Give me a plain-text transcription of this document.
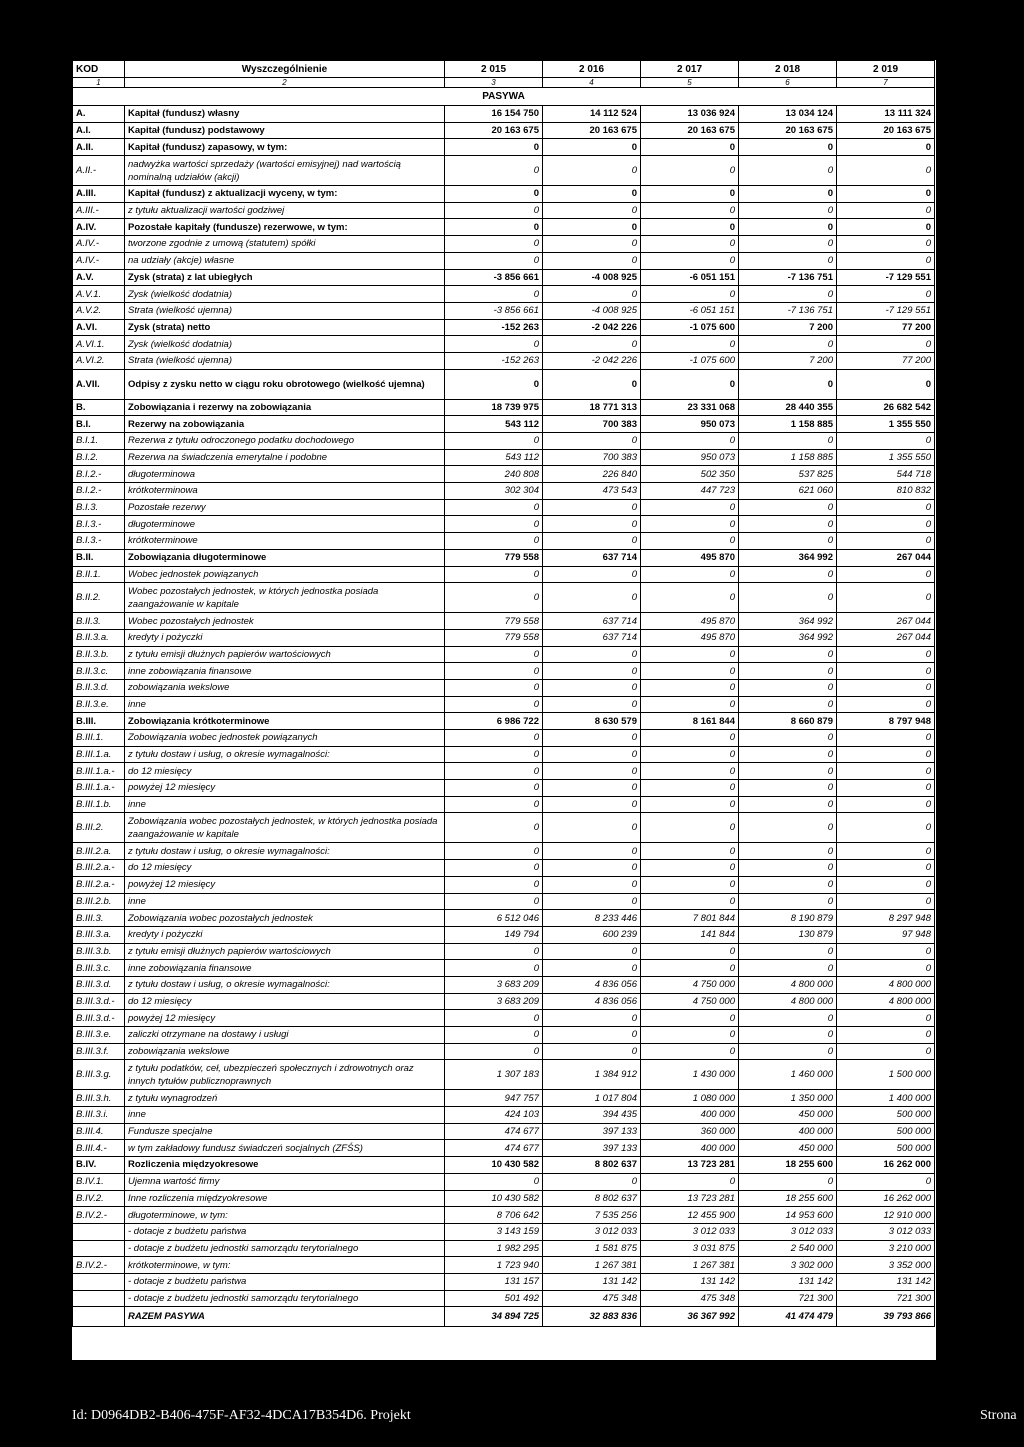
KOD	Wyszczególnienie	2 015	2 016	2 017	2 018	2 019
1	2	3	4	5	6	7
PASYWA						
A.	Kapitał (fundusz) własny	16 154 750	14 112 524	13 036 924	13 034 124	13 111 324
A.I.	Kapitał (fundusz) podstawowy	20 163 675	20 163 675	20 163 675	20 163 675	20 163 675
A.II.	Kapitał (fundusz) zapasowy, w tym:	0	0	0	0	0
A.II.-	nadwyżka wartości sprzedaży (wartości emisyjnej) nad wartością nominalną udziałów (akcji)	0	0	0	0	0
A.III.	Kapitał (fundusz) z aktualizacji wyceny, w tym:	0	0	0	0	0
A.III.-	z tytułu aktualizacji wartości godziwej	0	0	0	0	0
A.IV.	Pozostałe kapitały (fundusze) rezerwowe, w tym:	0	0	0	0	0
A.IV.-	tworzone zgodnie z umową (statutem) spółki	0	0	0	0	0
A.IV.-	na udziały (akcje) własne	0	0	0	0	0
A.V.	Zysk (strata) z lat ubiegłych	-3 856 661	-4 008 925	-6 051 151	-7 136 751	-7 129 551
A.V.1.	Zysk (wielkość dodatnia)	0	0	0	0	0
A.V.2.	Strata (wielkość ujemna)	-3 856 661	-4 008 925	-6 051 151	-7 136 751	-7 129 551
A.VI.	Zysk (strata) netto	-152 263	-2 042 226	-1 075 600	7 200	77 200
A.VI.1.	Zysk (wielkość dodatnia)	0	0	0	0	0
A.VI.2.	Strata (wielkość ujemna)	-152 263	-2 042 226	-1 075 600	7 200	77 200
A.VII.	Odpisy z zysku netto w ciągu roku obrotowego (wielkość ujemna)	0	0	0	0	0
B.	Zobowiązania i rezerwy na zobowiązania	18 739 975	18 771 313	23 331 068	28 440 355	26 682 542
B.I.	Rezerwy na zobowiązania	543 112	700 383	950 073	1 158 885	1 355 550
B.I.1.	Rezerwa z tytułu odroczonego podatku dochodowego	0	0	0	0	0
B.I.2.	Rezerwa na świadczenia emerytalne i podobne	543 112	700 383	950 073	1 158 885	1 355 550
B.I.2.-	długoterminowa	240 808	226 840	502 350	537 825	544 718
B.I.2.-	krótkoterminowa	302 304	473 543	447 723	621 060	810 832
B.I.3.	Pozostałe rezerwy	0	0	0	0	0
B.I.3.-	długoterminowe	0	0	0	0	0
B.I.3.-	krótkoterminowe	0	0	0	0	0
B.II.	Zobowiązania długoterminowe	779 558	637 714	495 870	364 992	267 044
B.II.1.	Wobec jednostek powiązanych	0	0	0	0	0
B.II.2.	Wobec pozostałych jednostek, w których jednostka posiada zaangażowanie w kapitale	0	0	0	0	0
B.II.3.	Wobec pozostałych jednostek	779 558	637 714	495 870	364 992	267 044
B.II.3.a.	kredyty i pożyczki	779 558	637 714	495 870	364 992	267 044
B.II.3.b.	z tytułu emisji dłużnych papierów wartościowych	0	0	0	0	0
B.II.3.c.	inne zobowiązania finansowe	0	0	0	0	0
B.II.3.d.	zobowiązania wekslowe	0	0	0	0	0
B.II.3.e.	inne	0	0	0	0	0
B.III.	Zobowiązania krótkoterminowe	6 986 722	8 630 579	8 161 844	8 660 879	8 797 948
B.III.1.	Zobowiązania wobec jednostek powiązanych	0	0	0	0	0
B.III.1.a.	z tytułu dostaw i usług, o okresie wymagalności:	0	0	0	0	0
B.III.1.a.-	do 12 miesięcy	0	0	0	0	0
B.III.1.a.-	powyżej 12 miesięcy	0	0	0	0	0
B.III.1.b.	inne	0	0	0	0	0
B.III.2.	Zobowiązania wobec pozostałych jednostek, w których jednostka posiada zaangażowanie w kapitale	0	0	0	0	0
B.III.2.a.	z tytułu dostaw i usług, o okresie wymagalności:	0	0	0	0	0
B.III.2.a.-	do 12 miesięcy	0	0	0	0	0
B.III.2.a.-	powyżej 12 miesięcy	0	0	0	0	0
B.III.2.b.	inne	0	0	0	0	0
B.III.3.	Zobowiązania wobec pozostałych jednostek	6 512 046	8 233 446	7 801 844	8 190 879	8 297 948
B.III.3.a.	kredyty i pożyczki	149 794	600 239	141 844	130 879	97 948
B.III.3.b.	z tytułu emisji dłużnych papierów wartościowych	0	0	0	0	0
B.III.3.c.	inne zobowiązania finansowe	0	0	0	0	0
B.III.3.d.	z tytułu dostaw i usług, o okresie wymagalności:	3 683 209	4 836 056	4 750 000	4 800 000	4 800 000
B.III.3.d.-	do 12 miesięcy	3 683 209	4 836 056	4 750 000	4 800 000	4 800 000
B.III.3.d.-	powyżej 12 miesięcy	0	0	0	0	0
B.III.3.e.	zaliczki otrzymane na dostawy i usługi	0	0	0	0	0
B.III.3.f.	zobowiązania wekslowe	0	0	0	0	0
B.III.3.g.	z tytułu podatków, ceł, ubezpieczeń społecznych i zdrowotnych oraz innych tytułów publicznoprawnych	1 307 183	1 384 912	1 430 000	1 460 000	1 500 000
B.III.3.h.	z tytułu wynagrodzeń	947 757	1 017 804	1 080 000	1 350 000	1 400 000
B.III.3.i.	inne	424 103	394 435	400 000	450 000	500 000
B.III.4.	Fundusze specjalne	474 677	397 133	360 000	400 000	500 000
B.III.4.-	w tym zakładowy fundusz świadczeń socjalnych (ZFŚS)	474 677	397 133	400 000	450 000	500 000
B.IV.	Rozliczenia międzyokresowe	10 430 582	8 802 637	13 723 281	18 255 600	16 262 000
B.IV.1.	Ujemna wartość firmy	0	0	0	0	0
B.IV.2.	Inne rozliczenia międzyokresowe	10 430 582	8 802 637	13 723 281	18 255 600	16 262 000
B.IV.2.-	długoterminowe, w tym:	8 706 642	7 535 256	12 455 900	14 953 600	12 910 000
	- dotacje z budżetu państwa	3 143 159	3 012 033	3 012 033	3 012 033	3 012 033
	- dotacje z budżetu jednostki samorządu terytorialnego	1 982 295	1 581 875	3 031 875	2 540 000	3 210 000
B.IV.2.-	krótkoterminowe, w tym:	1 723 940	1 267 381	1 267 381	3 302 000	3 352 000
	- dotacje z budżetu państwa	131 157	131 142	131 142	131 142	131 142
	- dotacje z budżetu jednostki samorządu terytorialnego	501 492	475 348	475 348	721 300	721 300
	RAZEM PASYWA	34 894 725	32 883 836	36 367 992	41 474 479	39 793 866
Id: D0964DB2-B406-475F-AF32-4DCA17B354D6. Projekt	Strona
